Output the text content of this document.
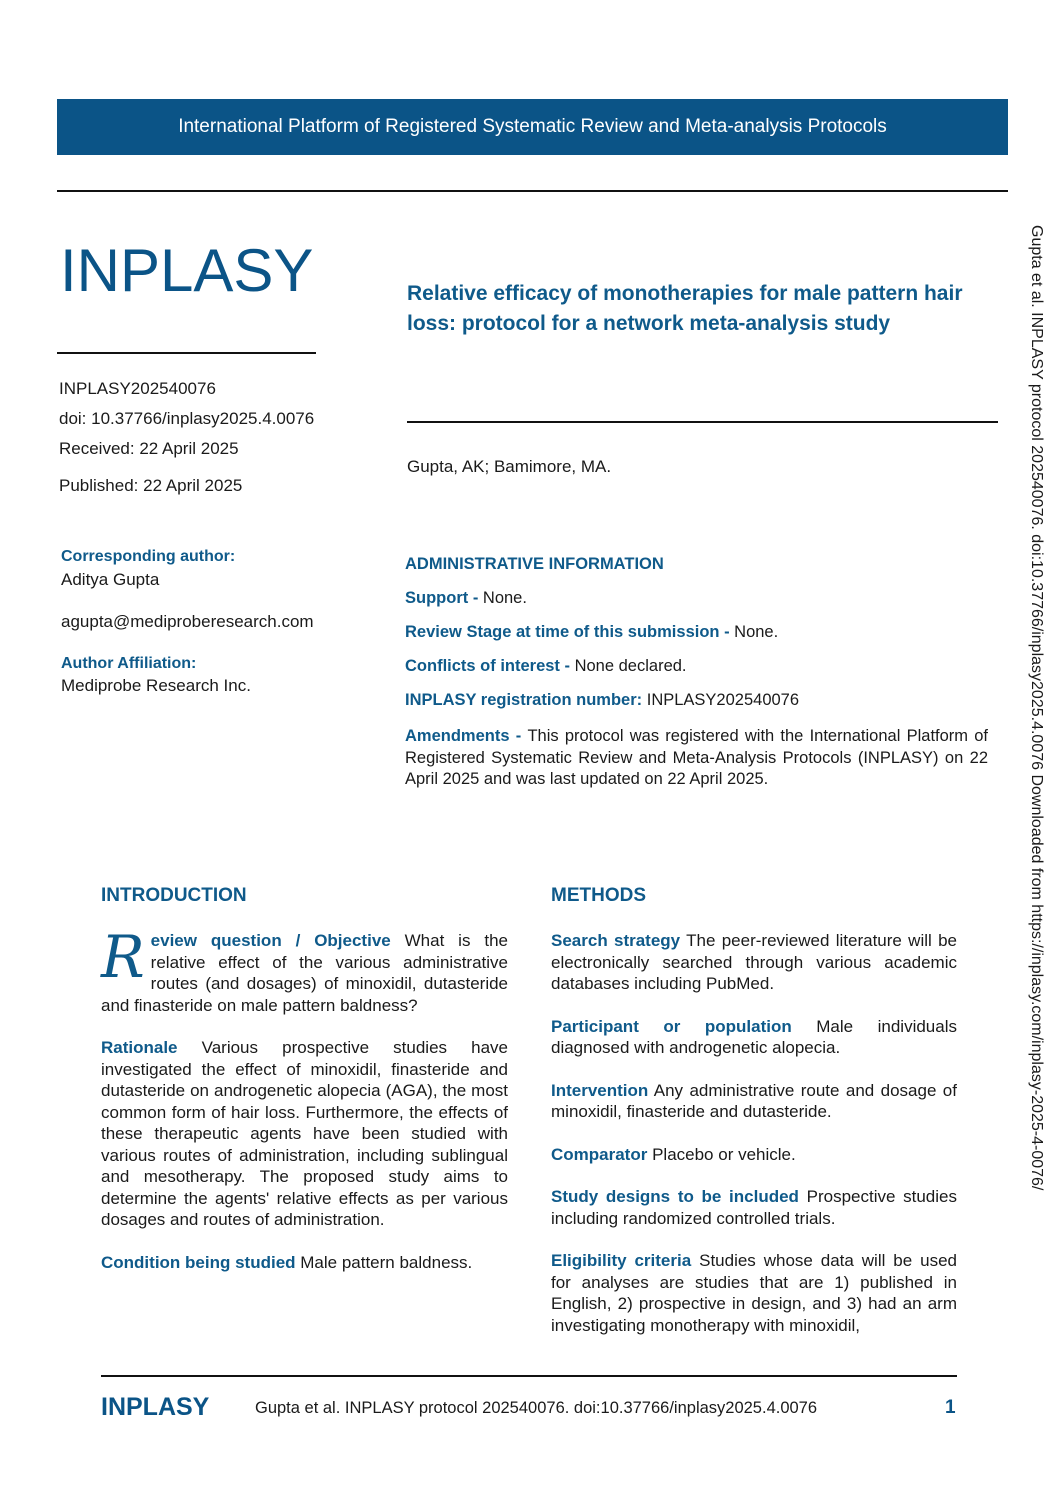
International Platform of Registered Systematic Review and Meta-analysis Protocols
INPLASY	Relative efficacy of monotherapies for male pattern hair loss: protocol for a network meta-analysis study
INPLASY202540076
doi: 10.37766/inplasy2025.4.0076
Received: 22 April 2025
Published: 22 April 2025
Gupta, AK; Bamimore, MA.
Corresponding author:
Aditya Gupta
agupta@mediproberesearch.com
Author Affiliation:
Mediprobe Research Inc.
ADMINISTRATIVE INFORMATION
Support - None.
Review Stage at time of this submission - None.
Conflicts of interest - None declared.
INPLASY registration number: INPLASY202540076
Amendments - This protocol was registered with the International Platform of Registered Systematic Review and Meta-Analysis Protocols (INPLASY) on 22 April 2025 and was last updated on 22 April 2025.
INTRODUCTION	METHODS

Review question / Objective What is the relative effect of the various administrative routes (and dosages) of minoxidil, dutasteride and finasteride on male pattern baldness?

Rationale Various prospective studies have investigated the effect of minoxidil, finasteride and dutasteride on androgenetic alopecia (AGA), the most common form of hair loss. Furthermore, the effects of these therapeutic agents have been studied with various routes of administration, including sublingual and mesotherapy. The proposed study aims to determine the agents' relative effects as per various dosages and routes of administration.

Condition being studied Male pattern baldness.

Search strategy The peer-reviewed literature will be electronically searched through various academic databases including PubMed.

Participant or population Male individuals diagnosed with androgenetic alopecia.

Intervention Any administrative route and dosage of minoxidil, finasteride and dutasteride.

Comparator Placebo or vehicle.

Study designs to be included Prospective studies including randomized controlled trials.

Eligibility criteria Studies whose data will be used for analyses are studies that are 1) published in English, 2) prospective in design, and 3) had an arm investigating monotherapy with minoxidil,

Gupta et al. INPLASY protocol 202540076. doi:10.37766/inplasy2025.4.0076 Downloaded from https://inplasy.com/inplasy-2025-4-0076/
INPLASY	Gupta et al. INPLASY protocol 202540076. doi:10.37766/inplasy2025.4.0076	1
